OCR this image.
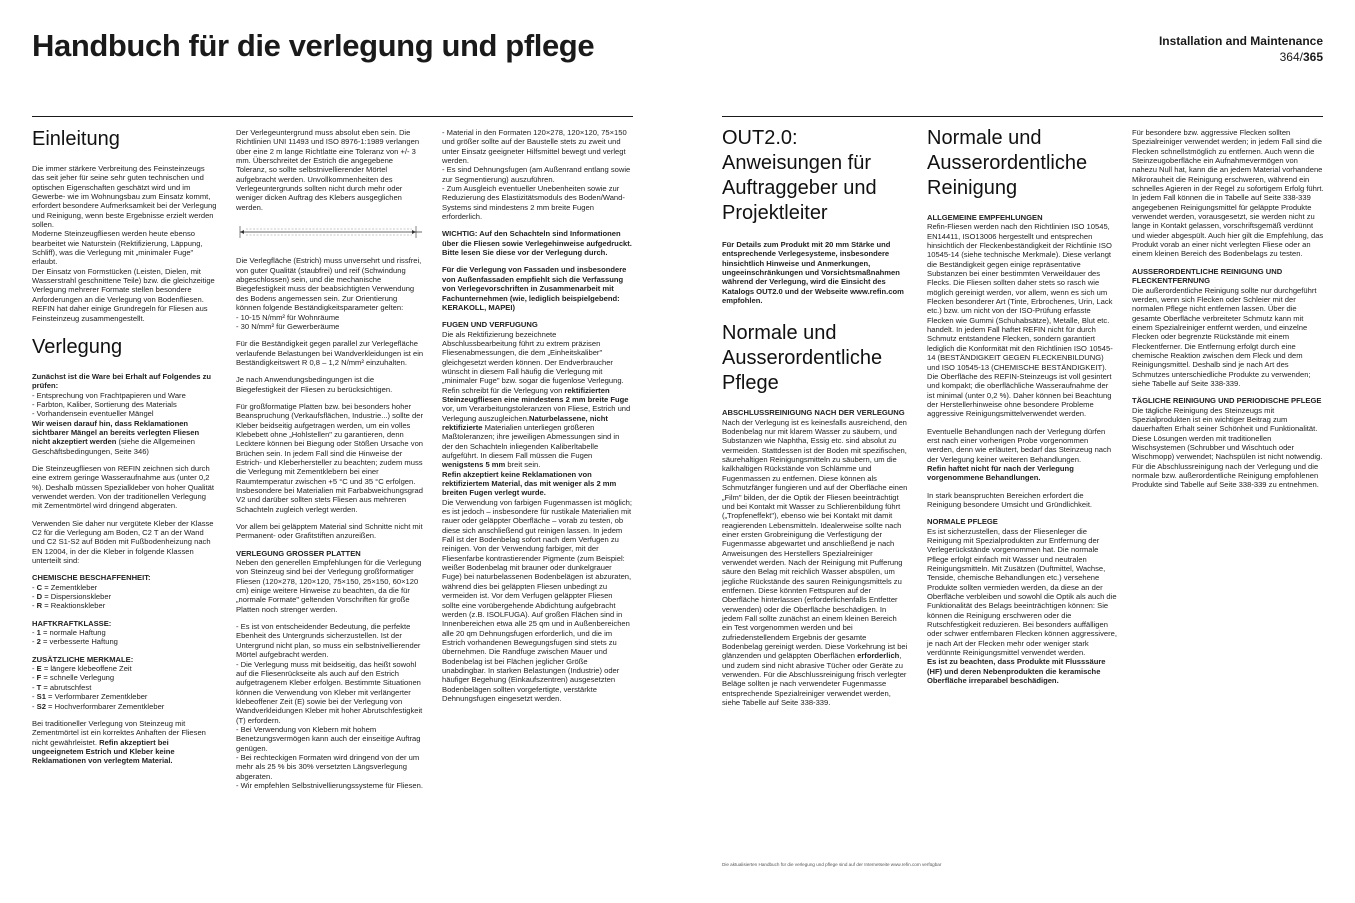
Handbuch für die verlegung und pflege	Installation and Maintenance
364/365
Einleitung

Die immer stärkere Verbreitung des Feinsteinzeugs das seit jeher für seine sehr guten technischen und optischen Eigenschaften geschätzt wird und im Gewerbe- wie im Wohnungsbau zum Einsatz kommt, erfordert besondere Aufmerksamkeit bei der Verlegung und Reinigung, wenn beste Ergebnisse erzielt werden sollen.

Moderne Steinzeugfliesen werden heute ebenso bearbeitet wie Naturstein (Rektifizierung, Läppung, Schliff), was die Verlegung mit „minimaler Fuge" erlaubt.

Der Einsatz von Formstücken (Leisten, Dielen, mit Wasserstrahl geschnittene Teile) bzw. die gleichzeitige Verlegung mehrerer Formate stellen besondere Anforderungen an die Verlegung von Bodenfliesen. REFIN hat daher einige Grundregeln für Fliesen aus Feinsteinzeug zusammengestellt.

Verlegung
Zunächst ist die Ware bei Erhalt auf Folgendes zu prüfen:
- Entsprechung von Frachtpapieren und Ware
- Farbton, Kaliber, Sortierung des Materials
- Vorhandensein eventueller Mängel

Wir weisen darauf hin, dass Reklamationen sichtbarer Mängel an bereits verlegten Fliesen nicht akzeptiert werden (siehe die Allgemeinen Geschäftsbedingungen, Seite 346)

Die Steinzeugfliesen von REFIN zeichnen sich durch eine extrem geringe Wasseraufnahme aus (unter 0,2 %). Deshalb müssen Spezialkleber von hoher Qualität verwendet werden. Von der traditionellen Verlegung mit Zementmörtel wird dringend abgeraten.

Verwenden Sie daher nur vergütete Kleber der Klasse C2 für die Verlegung am Boden, C2 T an der Wand und C2 S1-S2 auf Böden mit Fußbodenheizung nach EN 12004, in der die Kleber in folgende Klassen unterteilt sind:

CHEMISCHE BESCHAFFENHEIT:
- C = Zementkleber
- D = Dispersionskleber
- R = Reaktionskleber
HAFTKRAFTKLASSE:
- 1 = normale Haftung
- 2 = verbesserte Haftung
ZUSÄTZLICHE MERKMALE:
- E = längere klebeoffene Zeit
- F = schnelle Verlegung
- T = abrutschfest
- S1 = Verformbarer Zementkleber
- S2 = Hochverformbarer Zementkleber

Bei traditioneller Verlegung von Steinzeug mit Zementmörtel ist ein korrektes Anhaften der Fliesen nicht gewährleistet. Refin akzeptiert bei ungeeignetem Estrich und Kleber keine Reklamationen von verlegtem Material.

Der Verlegeuntergrund muss absolut eben sein. Die Richtlinien UNI 11493 und ISO 8976-1:1989 verlangen über eine 2 m lange Richtlatte eine Toleranz von +/- 3 mm. Überschreitet der Estrich die angegebene Toleranz, so sollte selbstnivellierender Mörtel aufgebracht werden. Unvollkommenheiten des Verlegeuntergrunds sollten nicht durch mehr oder weniger dicken Auftrag des Klebers ausgeglichen werden.

Die Verlegfläche (Estrich) muss unversehrt und rissfrei, von guter Qualität (staubfrei) und reif (Schwindung abgeschlossen) sein, und die mechanische Biegefestigkeit muss der beabsichtigten Verwendung des Bodens angemessen sein. Zur Orientierung können folgende Beständigkeitsparameter gelten:

- 10-15 N/mm² für Wohnräume
- 30 N/mm² für Gewerberäume

Für die Beständigkeit gegen parallel zur Verlegefläche verlaufende Belastungen bei Wandverkleidungen ist ein Beständigkeitswert R 0,8 – 1,2 N/mm² einzuhalten.

Je nach Anwendungsbedingungen ist die Biegefestigkeit der Fliesen zu berücksichtigen.

Für großformatige Platten bzw. bei besonders hoher Beanspruchung (Verkaufsflächen, Industrie...) sollte der Kleber beidseitig aufgetragen werden, um ein volles Klebebett ohne „Hohlstellen" zu garantieren, denn Lecktere können bei Biegung oder Stößen Ursache von Brüchen sein. In jedem Fall sind die Hinweise der Estrich- und Kleberhersteller zu beachten; zudem muss die Verlegung mit Zementklebern bei einer Raumtemperatur zwischen +5 °C und 35 °C erfolgen. Insbesondere bei Materialien mit Farbabweichungsgrad V2 und darüber sollten stets Fliesen aus mehreren Schachteln zugleich verlegt werden.

Vor allem bei geläpptem Material sind Schnitte nicht mit Permanent- oder Grafitstiften anzureißen.

VERLEGUNG GROSSER PLATTEN

Neben den generellen Empfehlungen für die Verlegung von Steinzeug sind bei der Verlegung großformatiger Fliesen (120×278, 120×120, 75×150, 25×150, 60×120 cm) einige weitere Hinweise zu beachten, da die für „normale Formate" geltenden Vorschriften für große Platten noch strenger werden.

- Es ist von entscheidender Bedeutung, die perfekte Ebenheit des Untergrunds sicherzustellen. Ist der Untergrund nicht plan, so muss ein selbstnivellierender Mörtel aufgebracht werden.
- Die Verlegung muss mit beidseitig, das heißt sowohl auf die Fliesenrückseite als auch auf den Estrich aufgetragenem Kleber erfolgen. Bestimmte Situationen können die Verwendung von Kleber mit verlängerter klebeoffener Zeit (E) sowie bei der Verlegung von Wandverkleidungen Kleber mit hoher Abrutschfestigkeit (T) erfordern.
- Bei Verwendung von Klebern mit hohem Benetzungsvermögen kann auch der einseitige Auftrag genügen.
- Bei rechteckigen Formaten wird dringend von der um mehr als 25 % bis 30% versetzten Längsverlegung abgeraten.
- Wir empfehlen Selbstnivellierungssysteme für Fliesen.
- Material in den Formaten 120×278, 120×120, 75×150 und größer sollte auf der Baustelle stets zu zweit und unter Einsatz geeigneter Hilfsmittel bewegt und verlegt werden.
- Es sind Dehnungsfugen (am Außenrand entlang sowie zur Segmentierung) auszuführen.
- Zum Ausgleich eventueller Unebenheiten sowie zur Reduzierung des Elastizitätsmoduls des Boden/Wand-Systems sind mindestens 2 mm breite Fugen erforderlich.

WICHTIG: Auf den Schachteln sind Informationen über die Fliesen sowie Verlegehinweise aufgedruckt. Bitte lesen Sie diese vor der Verlegung durch.

Für die Verlegung von Fassaden und insbesondere von Außenfassaden empfiehlt sich die Verfassung von Verlegevorschriften in Zusammenarbeit mit Fachunternehmen (wie, lediglich beispielgebend: KERAKOLL, MAPEI)

FUGEN UND VERFUGUNG

Die als Rektifizierung bezeichnete Abschlussbearbeitung führt zu extrem präzisen Fliesenabmessungen, die dem „Einheitskaliber" gleichgesetzt werden können. Der Endverbraucher wünscht in diesem Fall häufig die Verlegung mit „minimaler Fuge" bzw. sogar die fugenlose Verlegung. Refin schreibt für die Verlegung von rektifizierten Steinzeugfliesen eine mindestens 2 mm breite Fuge vor, um Verarbeitungstoleranzen von Fliese, Estrich und Verlegung auszugleichen.Naturbelassene, nicht rektifizierte Materialien unterliegen größeren Maßtoleranzen; ihre jeweiligen Abmessungen sind in der den Schachteln inliegenden Kaliberltabelle aufgeführt. In diesem Fall müssen die Fugen wenigstens 5 mm breit sein.

Refin akzeptiert keine Reklamationen von rektifiziertem Material, das mit weniger als 2 mm breiten Fugen verlegt wurde.

Die Verwendung von farbigen Fugenmassen ist möglich; es ist jedoch – insbesondere für rustikale Materialien mit rauer oder geläppter Oberfläche – vorab zu testen, ob diese sich anschließend gut reinigen lassen. In jedem Fall ist der Bodenbelag sofort nach dem Verfugen zu reinigen. Von der Verwendung farbiger, mit der Fliesenfarbe kontrastierender Pigmente (zum Beispiel: weißer Bodenbelag mit brauner oder dunkelgrauer Fuge) bei naturbelassenen Bodenbelägen ist abzuraten, während dies bei geläppten Fliesen unbedingt zu vermeiden ist. Vor dem Verfugen geläppter Fliesen sollte eine vorübergehende Abdichtung aufgebracht werden (z.B. ISOLFUGA). Auf großen Flächen sind in Innenbereichen etwa alle 25 qm und in Außenbereichen alle 20 qm Dehnungsfugen erforderlich, und die im Estrich vorhandenen Bewegungsfugen sind stets zu übernehmen. Die Randfuge zwischen Mauer und Bodenbelag ist bei Flächen jeglicher Größe unabdingbar. In starken Belastungen (Industrie) oder häufiger Begehung (Einkaufszentren) ausgesetzten Bodenbelägen sollten vorgefertigte, verstärkte Dehnungsfugen eingesetzt werden.

OUT2.0: Anweisungen für Auftraggeber und Projektleiter

Für Details zum Produkt mit 20 mm Stärke und entsprechende Verlegesysteme, insbesondere hinsichtlich Hinweise und Anmerkungen, ungeeinschränkungen und Vorsichtsmaßnahmen während der Verlegung, wird die Einsicht des Katalogs OUT2.0 und der Webseite www.refin.com empfohlen.

Normale und Ausserordentliche Pflege
ABSCHLUSSREINIGUNG NACH DER VERLEGUNG

Nach der Verlegung ist es keinesfalls ausreichend, den Bodenbelag nur mit klarem Wasser zu säubern, und Substanzen wie Naphtha, Essig etc. sind absolut zu vermeiden. Stattdessen ist der Boden mit spezifischen, säurehaltigen Reinigungsmitteln zu säubern, um die kalkhaltigen Rückstände von Schlämme und Fugenmassen zu entfernen. Diese können als Schmutzfänger fungieren und auf der Oberfläche einen „Film" bilden, der die Optik der Fliesen beeinträchtigt und bei Kontakt mit Wasser zu Schlierenbildung führt („Tropfeneffekt"), ebenso wie bei Kontakt mit damit reagierenden Lebensmitteln. Idealerweise sollte nach einer ersten Grobreinigung die Verfestigung der Fugenmasse abgewartet und anschließend je nach Anweisungen des Herstellers Spezialreiniger verwendet werden. Nach der Reinigung mit Pufferung säure den Belag mit reichlich Wasser abspülen, um jegliche Rückstände des sauren Reinigungsmittels zu entfernen. Diese könnten Fettspuren auf der Oberfläche hinterlassen (erforderlichenfalls Entfetter verwenden) oder die Oberfläche beschädigen. In jedem Fall sollte zunächst an einem kleinen Bereich ein Test vorgenommen werden und bei zufriedenstellendem Ergebnis der gesamte Bodenbelag gereinigt werden. Diese Vorkehrung ist bei glänzenden und geläppten Oberflächen erforderlich, und zudem sind nicht abrasive Tücher oder Geräte zu verwenden. Für die Abschlussreinigung frisch verlegter Beläge sollten je nach verwendeter Fugenmasse entsprechende Spezialreiniger verwendet werden, siehe Tabelle auf Seite 338-339.

Normale und Ausserordentliche Reinigung
ALLGEMEINE EMPFEHLUNGEN

Refin-Fliesen werden nach den Richtlinien ISO 10545, EN14411, ISO13006 hergestellt und entsprechen hinsichtlich der Fleckenbeständigkeit der Richtlinie ISO 10545-14 (siehe technische Merkmale). Diese verlangt die Beständigkeit gegen einige repräsentative Substanzen bei einer bestimmten Verweildauer des Flecks. Die Fliesen sollten daher stets so rasch wie möglich gereinigt werden, vor allem, wenn es sich um Flecken besonderer Art (Tinte, Erbrochenes, Urin, Lack etc.) bzw. um nicht von der ISO-Prüfung erfasste Flecken wie Gummi (Schuhabsätze), Metalle, Blut etc. handelt. In jedem Fall haftet REFIN nicht für durch Schmutz entstandene Flecken, sondern garantiert lediglich die Konformität mit den Richtlinien ISO 10545-14 (BESTÄNDIGKEIT GEGEN FLECKENBILDUNG) und ISO 10545-13 (CHEMISCHE BESTÄNDIGKEIT). Die Oberfläche des REFIN-Steinzeugs ist voll gesintert und kompakt; die oberflächliche Wasseraufnahme der ist minimal (unter 0,2 %). Daher können bei Beachtung der Herstellerhinweise ohne besondere Probleme aggressive Reinigungsmittelverwendet werden.

Eventuelle Behandlungen nach der Verlegung dürfen erst nach einer vorherigen Probe vorgenommen werden, denn wie erläutert, bedarf das Steinzeug nach der Verlegung keiner weiteren Behandlungen.
Refin haftet nicht für nach der Verlegung vorgenommene Behandlungen.

In stark beanspruchten Bereichen erfordert die Reinigung besondere Umsicht und Gründlichkeit.

NORMALE PFLEGE

Es ist sicherzustellen, dass der Fliesenleger die Reinigung mit Spezialprodukten zur Entfernung der Verlegerückstände vorgenommen hat. Die normale Pflege erfolgt einfach mit Wasser und neutralen Reinigungsmitteln. Mit Zusätzen (Duftmittel, Wachse, Tenside, chemische Behandlungen etc.) versehene Produkte sollten vermieden werden, da diese an der Oberfläche verbleiben und sowohl die Optik als auch die Funktionalität des Belags beeinträchtigen können: Sie können die Reinigung erschweren oder die Rutschfestigkeit reduzieren. Bei besonders auffälligen oder schwer entfernbaren Flecken können aggressivere, je nach Art der Flecken mehr oder weniger stark verdünnte Reinigungsmittel verwendet werden.
Es ist zu beachten, dass Produkte mit Flusssäure (HF) und deren Nebenprodukten die keramische Oberfläche irreparabel beschädigen.

Für besondere bzw. aggressive Flecken sollten Spezialreiniger verwendet werden; in jedem Fall sind die Flecken schnellstmöglich zu entfernen. Auch wenn die Steinzeugoberfläche ein Aufnahmevermögen von nahezu Null hat, kann die an jedem Material vorhandene Mikrorauheit die Reinigung erschweren, während ein schnelles Agieren in der Regel zu sofortigem Erfolg führt. In jedem Fall können die in Tabelle auf Seite 338-339 angegebenen Reinigungsmittel für geläppte Produkte verwendet werden, vorausgesetzt, sie werden nicht zu lange in Kontakt gelassen, vorschriftsgemäß verdünnt und wieder abgespült. Auch hier gilt die Empfehlung, das Produkt vorab an einer nicht verlegten Fliese oder an einem kleinen Bereich des Bodenbelags zu testen.

AUSSERORDENTLICHE REINIGUNG UND FLECKENTFERNUNG

Die außerordentliche Reinigung sollte nur durchgeführt werden, wenn sich Flecken oder Schleier mit der normalen Pflege nicht entfernen lassen. Über die gesamte Oberfläche verbreiteter Schmutz kann mit einem Spezialreiniger entfernt werden, und einzelne Flecken oder begrenzte Rückstände mit einem Fleckentferner. Die Entfernung erfolgt durch eine chemische Reaktion zwischen dem Fleck und dem Reinigungsmittel. Deshalb sind je nach Art des Schmutzes unterschiedliche Produkte zu verwenden; siehe Tabelle auf Seite 338-339.

TÄGLICHE REINIGUNG UND PERIODISCHE PFLEGE

Die tägliche Reinigung des Steinzeugs mit Spezialprodukten ist ein wichtiger Beitrag zum dauerhaften Erhalt seiner Schönheit und Funktionalität. Diese Lösungen werden mit traditionellen Wischsystemen (Schrubber und Wischtuch oder Wischmopp) verwendet; Nachspülen ist nicht notwendig. Für die Abschlussreinigung nach der Verlegung und die normale bzw. außerordentliche Reinigung empfohlenen Produkte sind Tabelle auf Seite 338-339 zu entnehmen.

Die aktualisierten Handbuch für die verlegung und pflege sind auf der Internetseite www.refin.com verfügbar
